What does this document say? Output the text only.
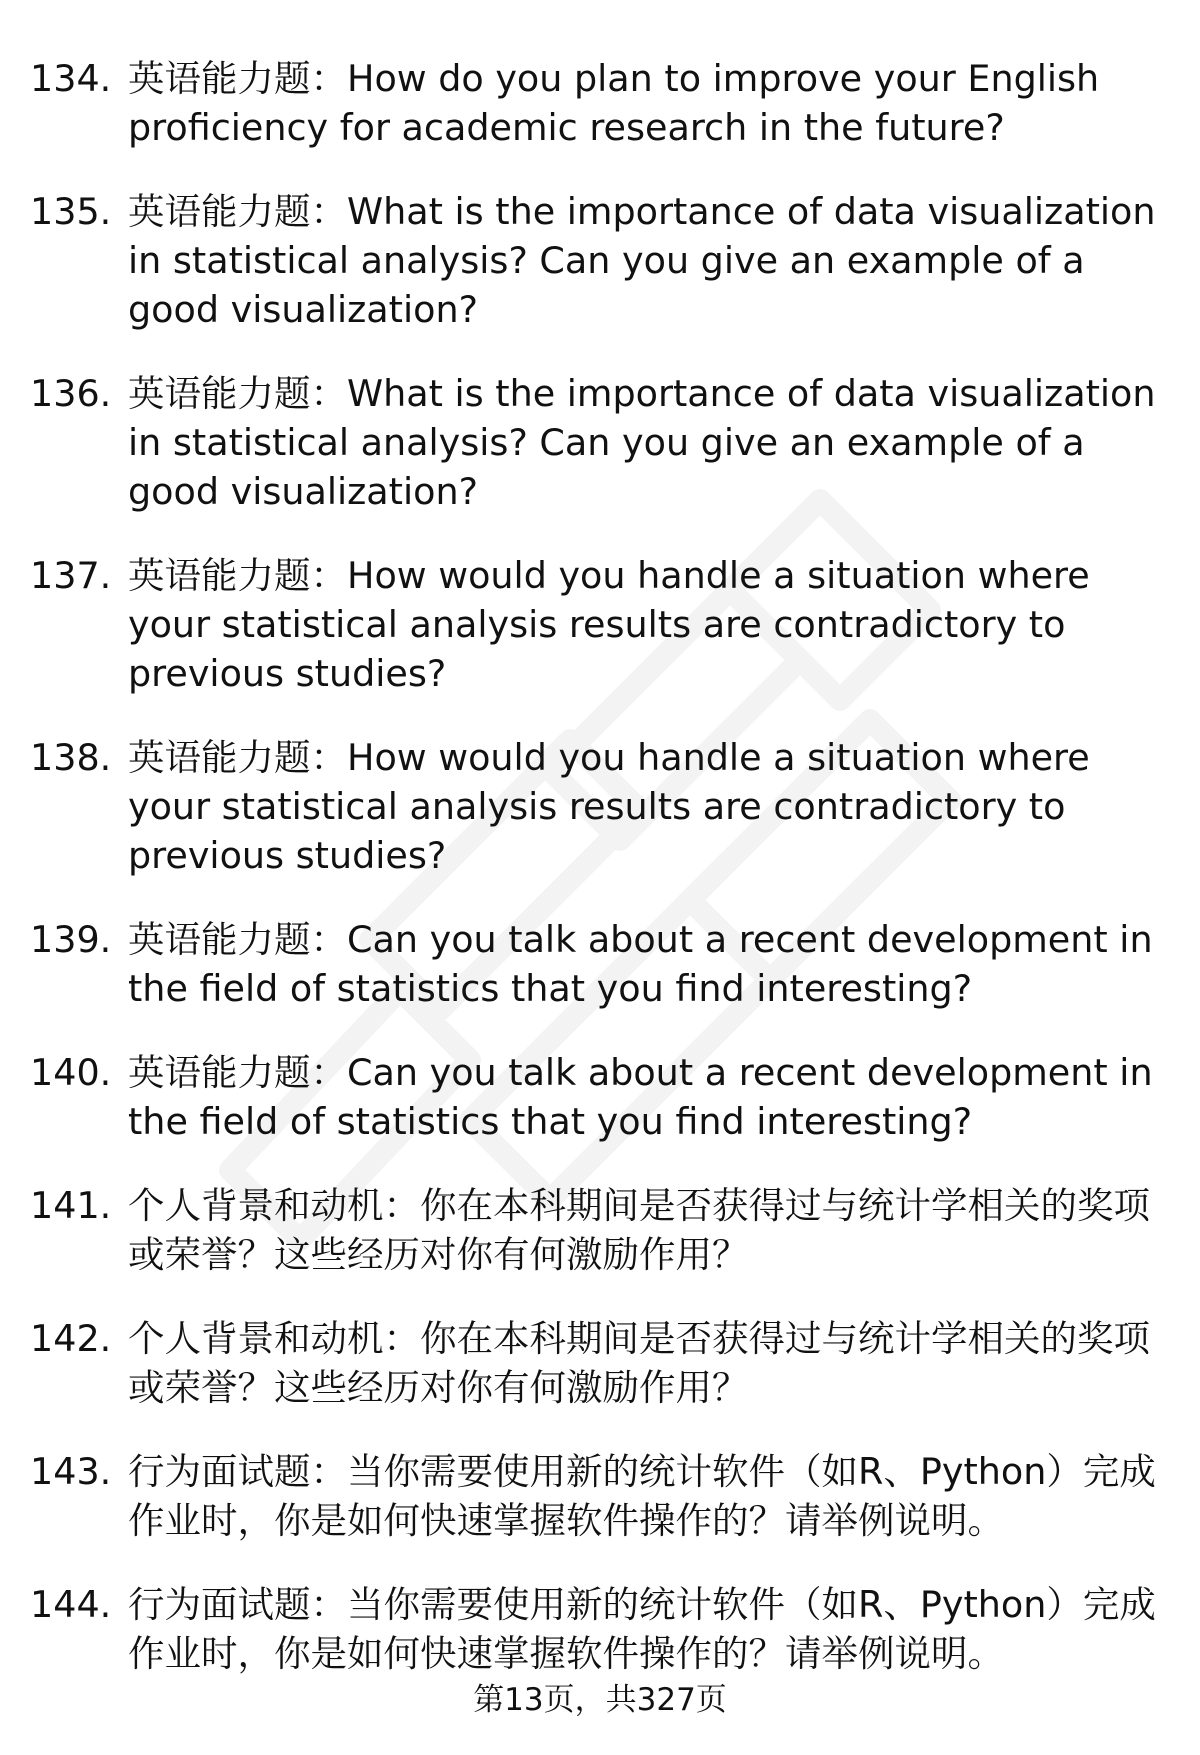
134. 英语能力题：How do you plan to improve your English proficiency for academic research in the future?
135. 英语能力题：What is the importance of data visualization in statistical analysis? Can you give an example of a good visualization?
136. 英语能力题：What is the importance of data visualization in statistical analysis? Can you give an example of a good visualization?
137. 英语能力题：How would you handle a situation where your statistical analysis results are contradictory to previous studies?
138. 英语能力题：How would you handle a situation where your statistical analysis results are contradictory to previous studies?
139. 英语能力题：Can you talk about a recent development in the field of statistics that you find interesting?
140. 英语能力题：Can you talk about a recent development in the field of statistics that you find interesting?
141. 个人背景和动机：你在本科期间是否获得过与统计学相关的奖项或荣誉？这些经历对你有何激励作用？
142. 个人背景和动机：你在本科期间是否获得过与统计学相关的奖项或荣誉？这些经历对你有何激励作用？
143. 行为面试题：当你需要使用新的统计软件（如R、Python）完成作业时，你是如何快速掌握软件操作的？请举例说明。
144. 行为面试题：当你需要使用新的统计软件（如R、Python）完成作业时，你是如何快速掌握软件操作的？请举例说明。
第13页，共327页
